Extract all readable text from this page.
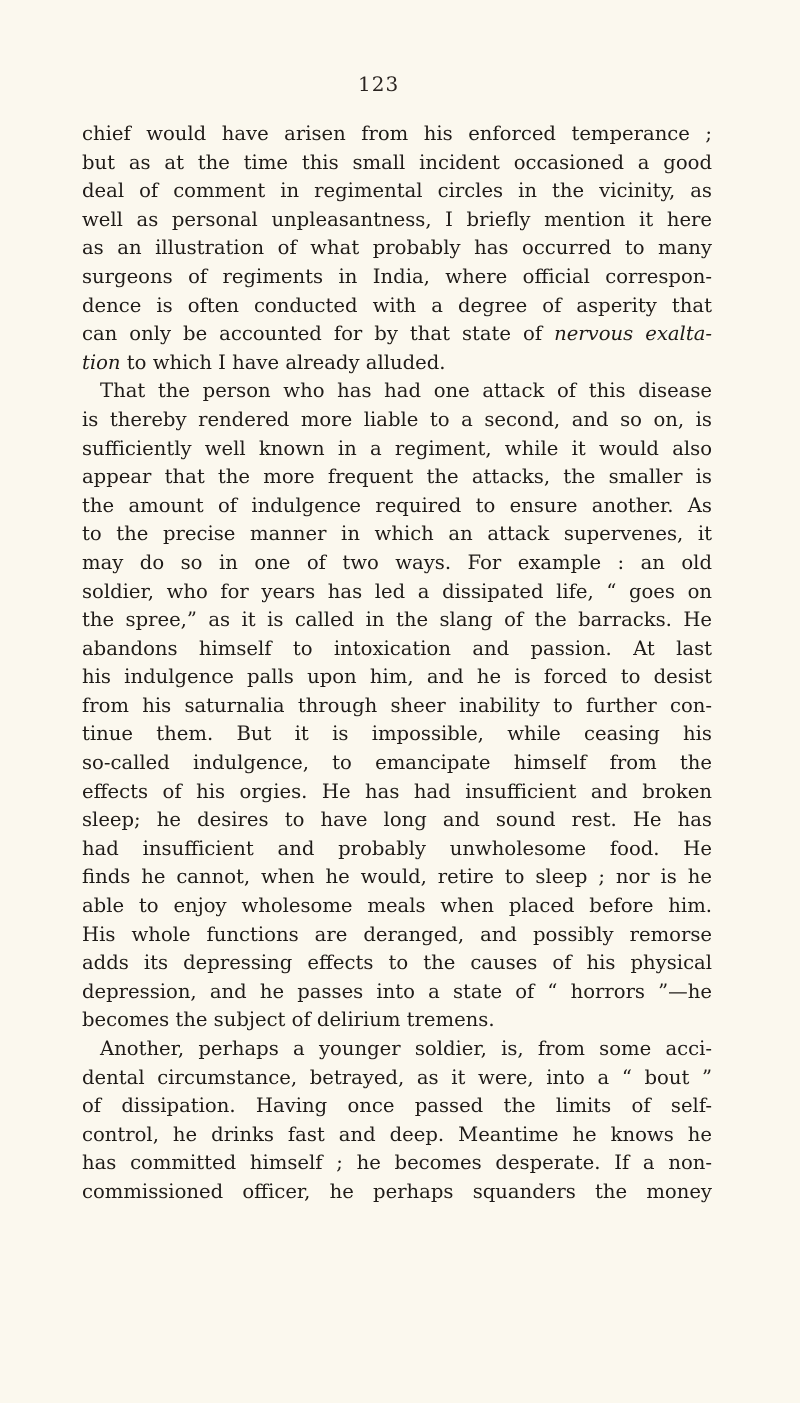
123
chief would have arisen from his enforced temperance ;
but as at the time this small incident occasioned a good
deal of comment in regimental circles in the vicinity, as
well as personal unpleasantness, I briefly mention it here
as an illustration of what probably has occurred to many
surgeons of regiments in India, where official correspon-
dence is often conducted with a degree of asperity that
can only be accounted for by that state of nervous exalta-
tion to which I have already alluded.
That the person who has had one attack of this disease
is thereby rendered more liable to a second, and so on, is
sufficiently well known in a regiment, while it would also
appear that the more frequent the attacks, the smaller is
the amount of indulgence required to ensure another. As
to the precise manner in which an attack supervenes, it
may do so in one of two ways. For example : an old
soldier, who for years has led a dissipated life, “ goes on
the spree,” as it is called in the slang of the barracks. He
abandons himself to intoxication and passion. At last
his indulgence palls upon him, and he is forced to desist
from his saturnalia through sheer inability to further con-
tinue them. But it is impossible, while ceasing his
so-called indulgence, to emancipate himself from the
effects of his orgies. He has had insufficient and broken
sleep; he desires to have long and sound rest. He has
had insufficient and probably unwholesome food. He
finds he cannot, when he would, retire to sleep ; nor is he
able to enjoy wholesome meals when placed before him.
His whole functions are deranged, and possibly remorse
adds its depressing effects to the causes of his physical
depression, and he passes into a state of “ horrors ”—he
becomes the subject of delirium tremens.
Another, perhaps a younger soldier, is, from some acci-
dental circumstance, betrayed, as it were, into a “ bout ”
of dissipation. Having once passed the limits of self-
control, he drinks fast and deep. Meantime he knows he
has committed himself ; he becomes desperate. If a non-
commissioned officer, he perhaps squanders the money
